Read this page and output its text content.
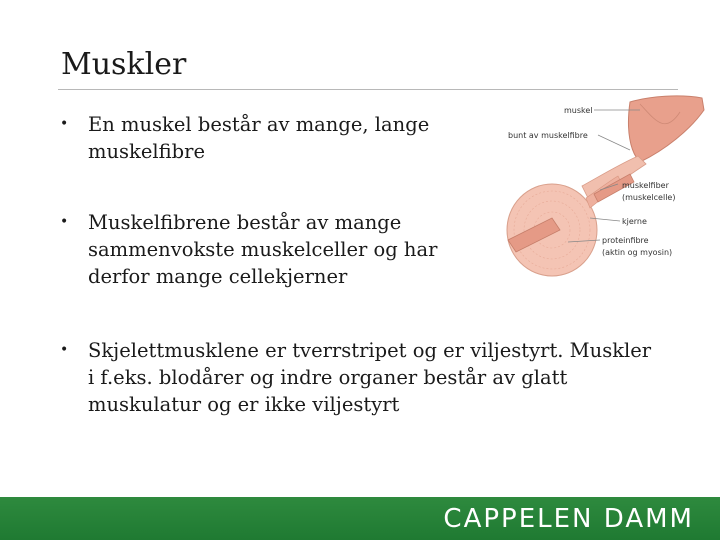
Muskler
•	En muskel består av mange, lange muskelfibre
•	Muskelfibrene består av mange sammenvokste muskelceller og har derfor mange cellekjerner
•	Skjelettmusklene er tverrstripet og er viljestyrt. Muskler i f.eks. blodårer og indre organer består av glatt muskulatur og er ikke viljestyrt
muskel
bunt av muskelfibre
muskelfiber
(muskelcelle)
kjerne
proteinfibre
(aktin og myosin)
CAPPELEN DAMM
